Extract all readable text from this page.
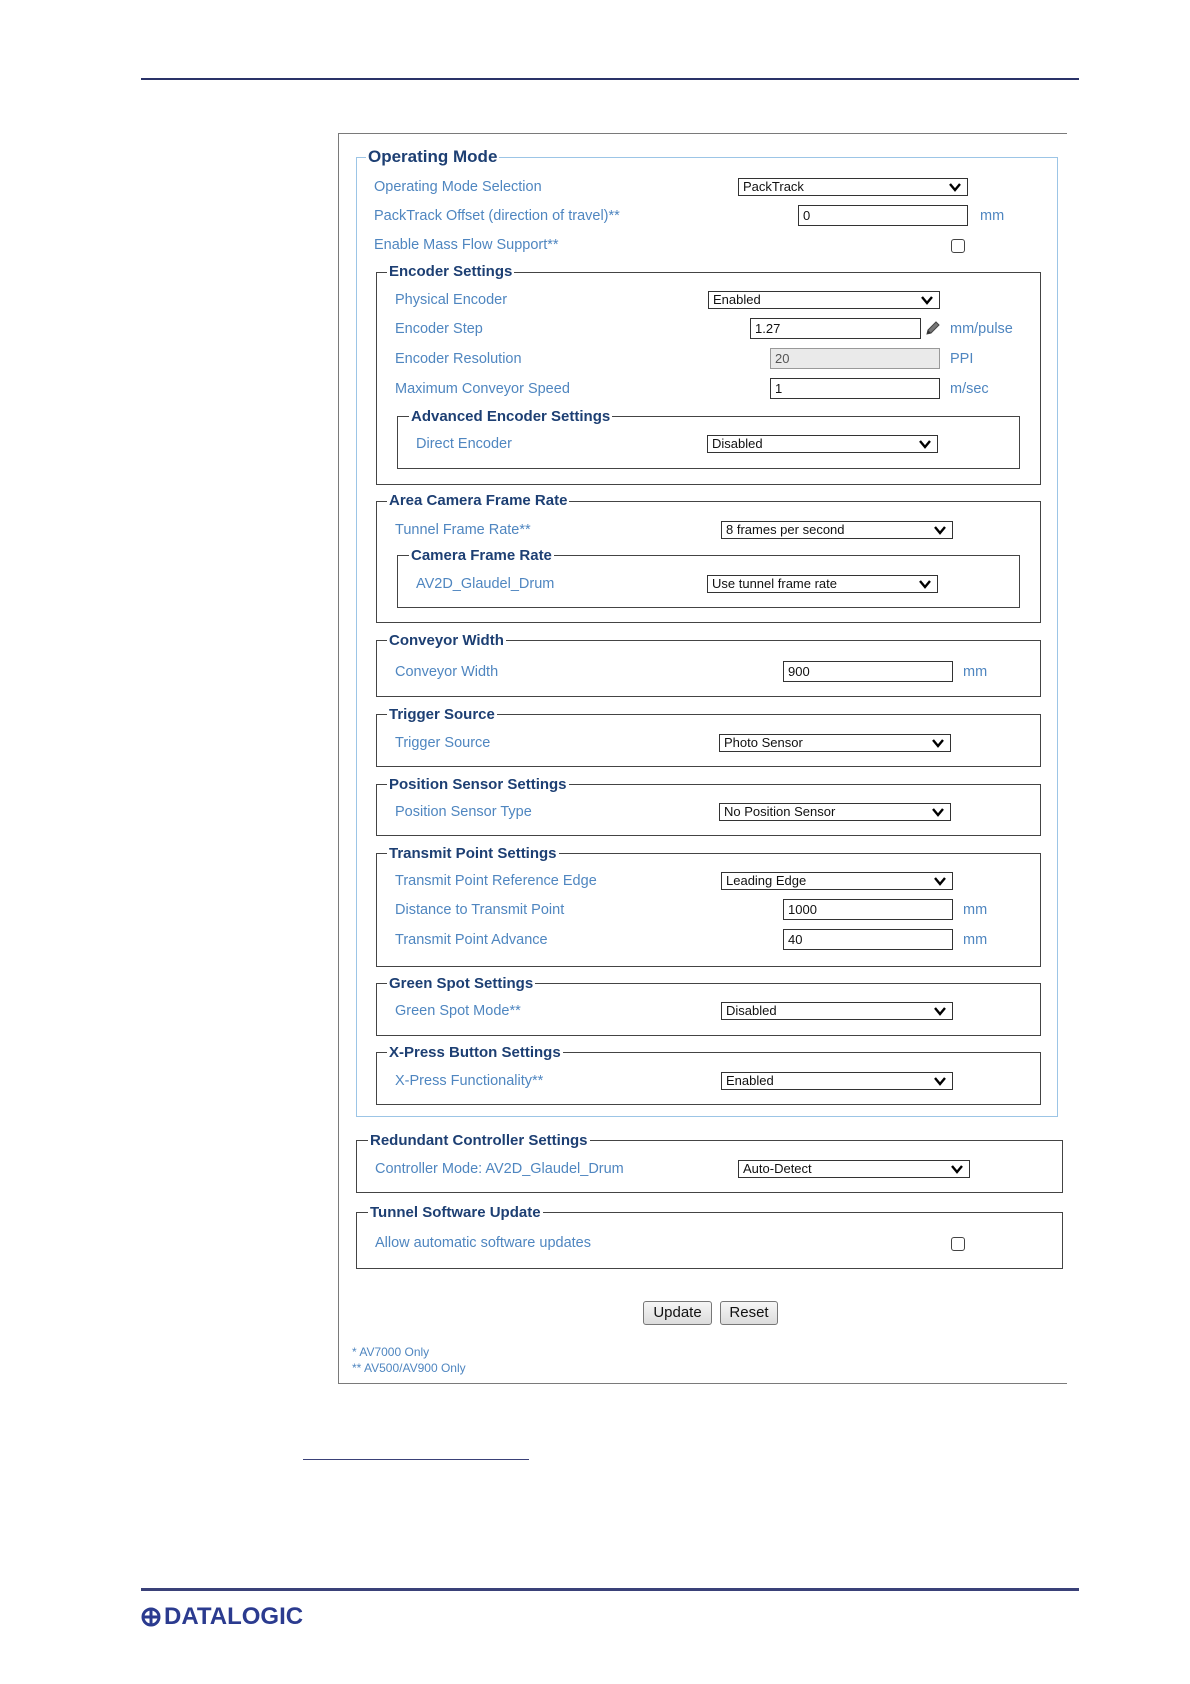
Operating Mode
Operating Mode Selection	PackTrack
PackTrack Offset (direction of travel)**	0	mm
Enable Mass Flow Support**
Encoder Settings
Physical Encoder	Enabled
Encoder Step	1.27	mm/pulse
Encoder Resolution	20	PPI
Maximum Conveyor Speed	1	m/sec
Advanced Encoder Settings
Direct Encoder	Disabled
Area Camera Frame Rate
Tunnel Frame Rate**	8 frames per second
Camera Frame Rate
AV2D_Glaudel_Drum	Use tunnel frame rate
Conveyor Width
Conveyor Width	900	mm
Trigger Source
Trigger Source	Photo Sensor
Position Sensor Settings
Position Sensor Type	No Position Sensor
Transmit Point Settings
Transmit Point Reference Edge	Leading Edge
Distance to Transmit Point	1000	mm
Transmit Point Advance	40	mm
Green Spot Settings
Green Spot Mode**	Disabled
X-Press Button Settings
X-Press Functionality**	Enabled
Redundant Controller Settings
Controller Mode: AV2D_Glaudel_Drum	Auto-Detect
Tunnel Software Update
Allow automatic software updates
Update	Reset
* AV7000 Only
** AV500/AV900 Only
DATALOGIC
